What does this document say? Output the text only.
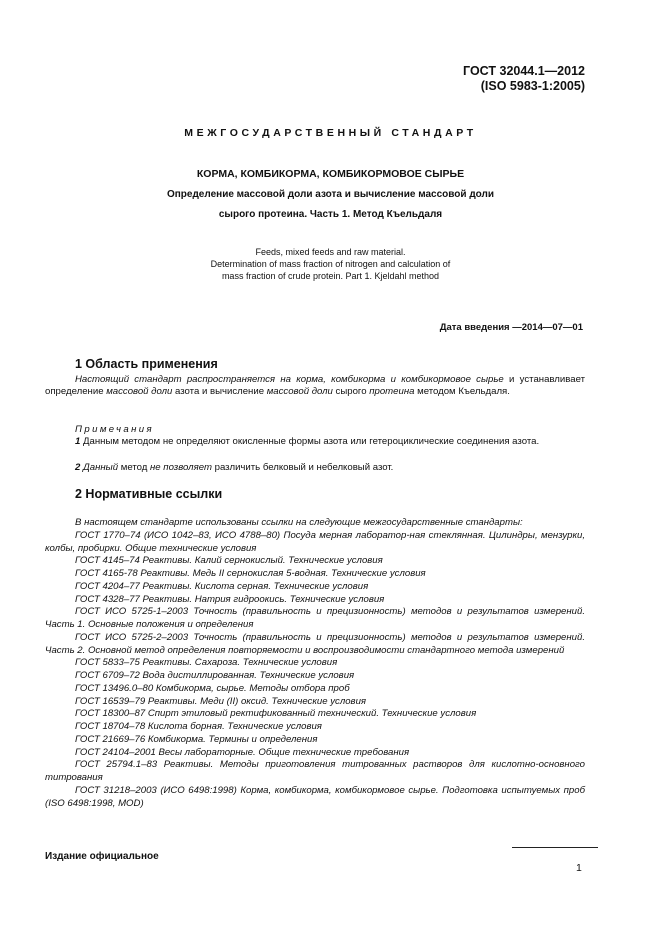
ГОСТ 32044.1—2012
(ISO 5983-1:2005)
МЕЖГОСУДАРСТВЕННЫЙ СТАНДАРТ
КОРМА, КОМБИКОРМА, КОМБИКОРМОВОЕ СЫРЬЕ
Определение массовой доли азота и вычисление массовой доли
сырого протеина. Часть 1. Метод Къельдаля
Feeds, mixed feeds and raw material.
Determination of mass fraction of nitrogen and calculation of
mass fraction of crude protein. Part 1. Kjeldahl method
Дата введения —2014—07—01
1 Область применения
Настоящий стандарт распространяется на корма, комбикорма и комбикормовое сырье и устанавливает определение массовой доли азота и вычисление массовой доли сырого протеина методом Къельдаля.
Примечания
1 Данным методом не определяют окисленные формы азота или гетероциклические соединения азота.
2 Данный метод не позволяет различить белковый и небелковый азот.
2 Нормативные ссылки
В настоящем стандарте использованы ссылки на следующие межгосударственные стандарты:
ГОСТ 1770–74 (ИСО 1042–83, ИСО 4788–80) Посуда мерная лаборатор-ная стеклянная. Цилиндры, мензурки, колбы, пробирки. Общие технические условия
ГОСТ 4145–74 Реактивы. Калий сернокислый. Технические условия
ГОСТ 4165-78 Реактивы. Медь II сернокислая 5-водная. Технические условия
ГОСТ 4204–77 Реактивы. Кислота серная. Технические условия
ГОСТ 4328–77 Реактивы. Натрия гидроокись. Технические условия
ГОСТ ИСО 5725-1–2003 Точность (правильность и прецизионность) методов и результатов измерений. Часть 1. Основные положения и определения
ГОСТ ИСО 5725-2–2003 Точность (правильность и прецизионность) методов и результатов измерений. Часть 2. Основной метод определения повторяемости и воспроизводимости стандартного метода измерений
ГОСТ 5833–75 Реактивы. Сахароза. Технические условия
ГОСТ 6709–72 Вода дистиллированная. Технические условия
ГОСТ 13496.0–80 Комбикорма, сырье. Методы отбора проб
ГОСТ 16539–79 Реактивы. Меди (II) оксид. Технические условия
ГОСТ 18300–87 Спирт этиловый ректификованный технический. Технические условия
ГОСТ 18704–78 Кислота борная. Технические условия
ГОСТ 21669–76 Комбикорма. Термины и определения
ГОСТ 24104–2001 Весы лабораторные. Общие технические требования
ГОСТ 25794.1–83 Реактивы. Методы приготовления титрованных растворов для кислотно-основного титрования
ГОСТ 31218–2003 (ИСО 6498:1998) Корма, комбикорма, комбикормовое сырье. Подготовка испытуемых проб (ISO 6498:1998, MOD)
Издание официальное
1
